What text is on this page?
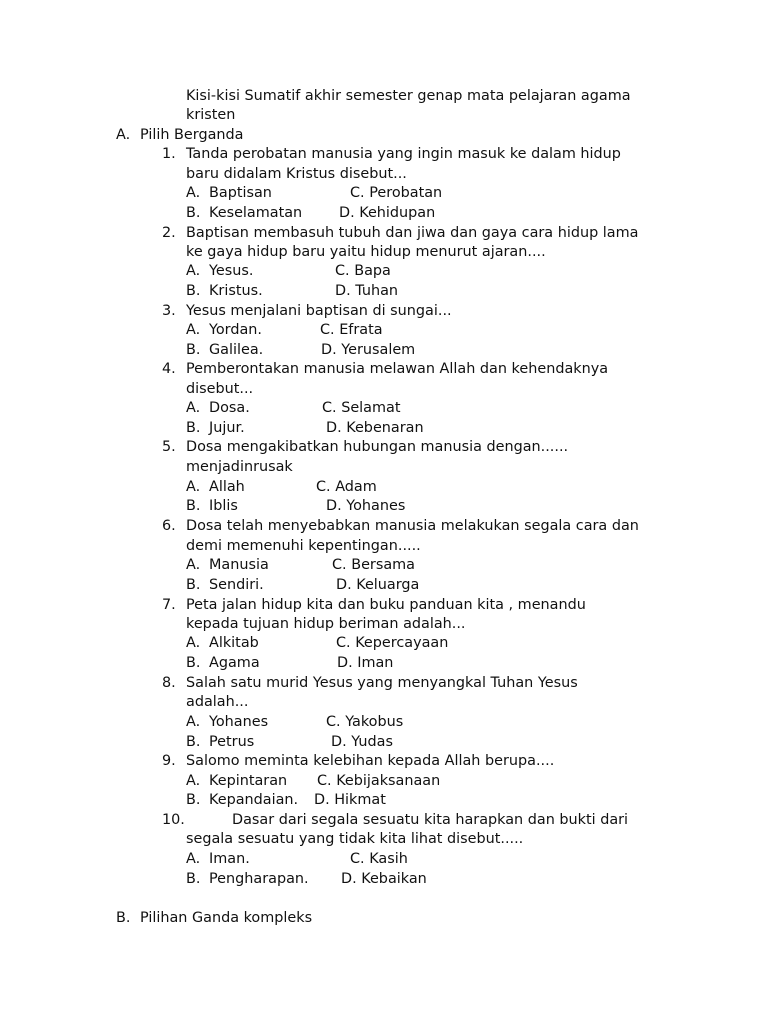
Kisi-kisi Sumatif akhir semester genap mata pelajaran agama
kristen
A. Pilih Berganda
1. Tanda perobatan manusia yang ingin masuk ke dalam hidup
baru didalam Kristus disebut...
A. Baptisan	C. Perobatan
B. Keselamatan	D. Kehidupan
2. Baptisan membasuh tubuh dan jiwa dan gaya cara hidup lama
ke gaya hidup baru yaitu hidup menurut ajaran....
A. Yesus.	C. Bapa
B. Kristus.	D. Tuhan
3. Yesus menjalani baptisan di sungai...
A. Yordan.	C. Efrata
B. Galilea.	D. Yerusalem
4. Pemberontakan manusia melawan Allah dan kehendaknya
disebut...
A. Dosa.	C. Selamat
B. Jujur.	D. Kebenaran
5. Dosa mengakibatkan hubungan manusia dengan......
menjadinrusak
A. Allah	C. Adam
B. Iblis	D. Yohanes
6. Dosa telah menyebabkan manusia melakukan segala cara dan
demi memenuhi kepentingan.....
A. Manusia	C. Bersama
B. Sendiri.	D. Keluarga
7. Peta jalan hidup kita dan buku panduan kita , menandu
kepada tujuan hidup beriman adalah...
A. Alkitab	C. Kepercayaan
B. Agama	D. Iman
8. Salah satu murid Yesus yang menyangkal Tuhan Yesus
adalah...
A. Yohanes	C. Yakobus
B. Petrus	D. Yudas
9. Salomo meminta kelebihan kepada Allah berupa....
A. Kepintaran C. Kebijaksanaan
B. Kepandaian. D. Hikmat
10.	Dasar dari segala sesuatu kita harapkan dan bukti dari
segala sesuatu yang tidak kita lihat disebut.....
A. Iman.	C. Kasih
B. Pengharapan. D. Kebaikan
B. Pilihan Ganda kompleks
